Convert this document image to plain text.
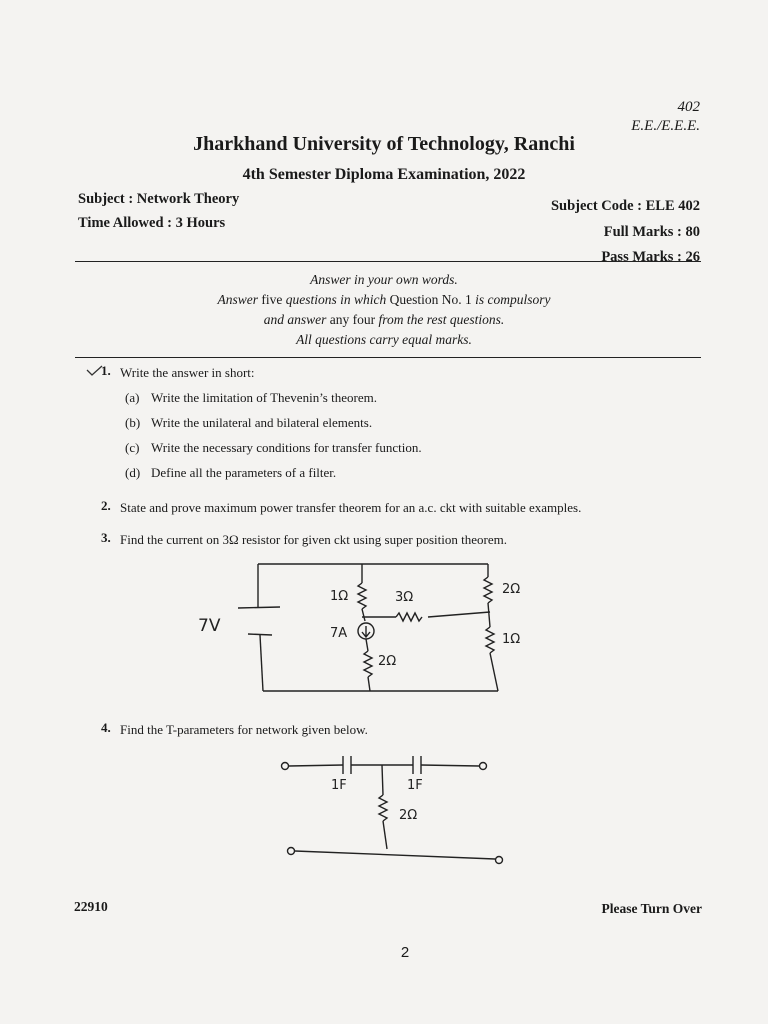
402
E.E./E.E.E.
Jharkhand University of Technology, Ranchi
4th Semester Diploma Examination, 2022
Subject : Network Theory
Time Allowed : 3 Hours
Subject Code : ELE 402
Full Marks : 80
Pass Marks : 26
Answer in your own words.
Answer five questions in which Question No. 1 is compulsory
and answer any four from the rest questions.
All questions carry equal marks.
1. Write the answer in short:
(a) Write the limitation of Thevenin’s theorem.
(b) Write the unilateral and bilateral elements.
(c) Write the necessary conditions for transfer function.
(d) Define all the parameters of a filter.
2. State and prove maximum power transfer theorem for an a.c. ckt with suitable examples.
3. Find the current on 3Ω resistor for given ckt using super position theorem.
7V
1Ω	3Ω
7A
2Ω
2Ω
1Ω
4. Find the T-parameters for network given below.
1F	1F
2Ω
22910	Please Turn Over
2
